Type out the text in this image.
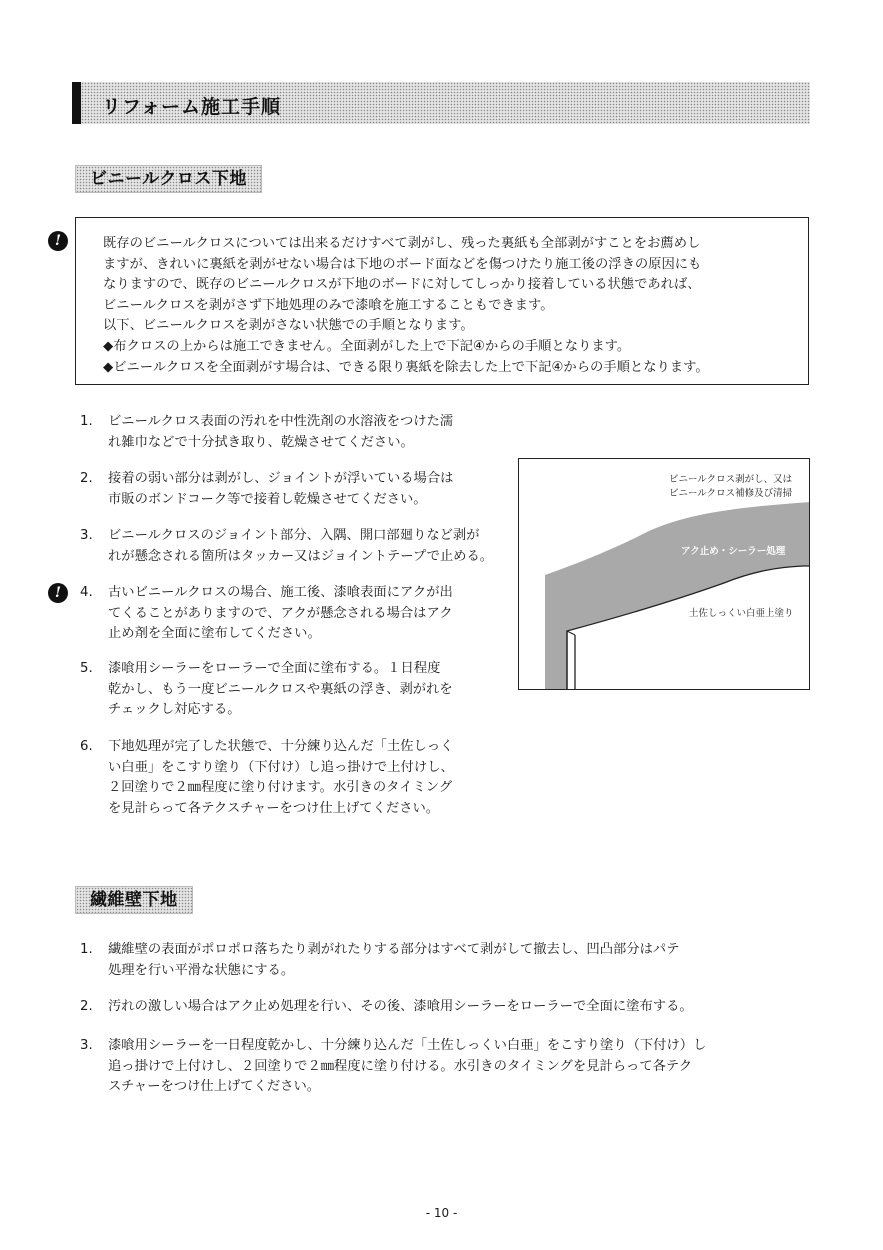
リフォーム施工手順
ビニールクロス下地
!	既存のビニールクロスについては出来るだけすべて剥がし、残った裏紙も全部剥がすことをお薦めし
ますが、きれいに裏紙を剥がせない場合は下地のボード面などを傷つけたり施工後の浮きの原因にも
なりますので、既存のビニールクロスが下地のボードに対してしっかり接着している状態であれば、
ビニールクロスを剥がさず下地処理のみで漆喰を施工することもできます。
以下、ビニールクロスを剥がさない状態での手順となります。
◆布クロスの上からは施工できません。全面剥がした上で下記④からの手順となります。
◆ビニールクロスを全面剥がす場合は、できる限り裏紙を除去した上で下記④からの手順となります。
1. ビニールクロス表面の汚れを中性洗剤の水溶液をつけた濡
れ雑巾などで十分拭き取り、乾燥させてください。
2. 接着の弱い部分は剥がし、ジョイントが浮いている場合は
市販のボンドコーク等で接着し乾燥させてください。
3. ビニールクロスのジョイント部分、入隅、開口部廻りなど剥が
れが懸念される箇所はタッカー又はジョイントテープで止める。
!	4. 古いビニールクロスの場合、施工後、漆喰表面にアクが出
てくることがありますので、アクが懸念される場合はアク
止め剤を全面に塗布してください。
5. 漆喰用シーラーをローラーで全面に塗布する。１日程度
乾かし、もう一度ビニールクロスや裏紙の浮き、剥がれを
チェックし対応する。
6. 下地処理が完了した状態で、十分練り込んだ「土佐しっく
い白亜」をこすり塗り（下付け）し追っ掛けで上付けし、
２回塗りで２㎜程度に塗り付けます。水引きのタイミング
を見計らって各テクスチャーをつけ仕上げてください。
ビニールクロス剥がし、又は
ビニールクロス補修及び清掃
アク止め・シーラー処理
土佐しっくい白亜上塗り
繊維壁下地
1. 繊維壁の表面がポロポロ落ちたり剥がれたりする部分はすべて剥がして撤去し、凹凸部分はパテ
処理を行い平滑な状態にする。
2. 汚れの激しい場合はアク止め処理を行い、その後、漆喰用シーラーをローラーで全面に塗布する。
3. 漆喰用シーラーを一日程度乾かし、十分練り込んだ「土佐しっくい白亜」をこすり塗り（下付け）し
追っ掛けで上付けし、２回塗りで２㎜程度に塗り付ける。水引きのタイミングを見計らって各テク
スチャーをつけ仕上げてください。
- 10 -
